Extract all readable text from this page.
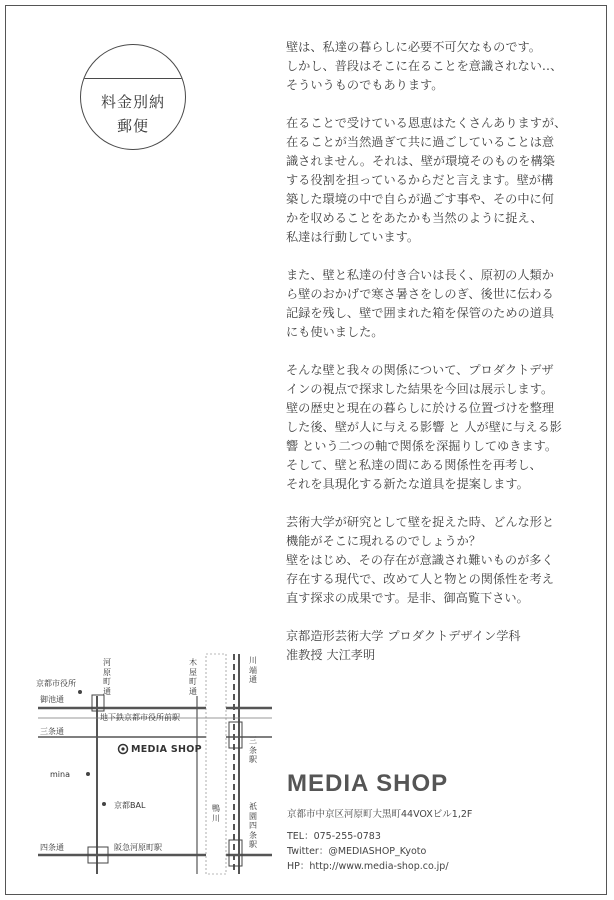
料金別納
郵便
壁は、私達の暮らしに必要不可欠なものです。
しかし、普段はそこに在ることを意識されない‥、
そういうものでもあります。
在ることで受けている恩恵はたくさんありますが、
在ることが当然過ぎて共に過ごしていることは意
識されません。それは、壁が環境そのものを構築
する役割を担っているからだと言えます。壁が構
築した環境の中で自らが過ごす事や、その中に何
かを収めることをあたかも当然のように捉え、
私達は行動しています。
また、壁と私達の付き合いは長く、原初の人類か
ら壁のおかげで寒さ暑さをしのぎ、後世に伝わる
記録を残し、壁で囲まれた箱を保管のための道具
にも使いました。
そんな壁と我々の関係について、プロダクトデザ
インの視点で探求した結果を今回は展示します。
壁の歴史と現在の暮らしに於ける位置づけを整理
した後、壁が人に与える影響 と 人が壁に与える影
響 という二つの軸で関係を深掘りしてゆきます。
そして、壁と私達の間にある関係性を再考し、
それを具現化する新たな道具を提案します。
芸術大学が研究として壁を捉えた時、どんな形と
機能がそこに現れるのでしょうか？
壁をはじめ、その存在が意識され難いものが多く
存在する現代で、改めて人と物との関係性を考え
直す探求の成果です。是非、御高覧下さい。
京都造形芸術大学 プロダクトデザイン学科
准教授 大江孝明
京都市役所
御池通
三条通
地下鉄京都市役所前駅
MEDIA SHOP
mina
京都BAL
四条通	阪急河原町駅
河原町通
木屋町通
川端通
三条駅
鴨川
祇園四条駅
MEDIA SHOP
京都市中京区河原町大黒町44VOXビル1,2F
TEL：075-255-0783
Twitter：@MEDIASHOP_Kyoto
HP：http://www.media-shop.co.jp/
